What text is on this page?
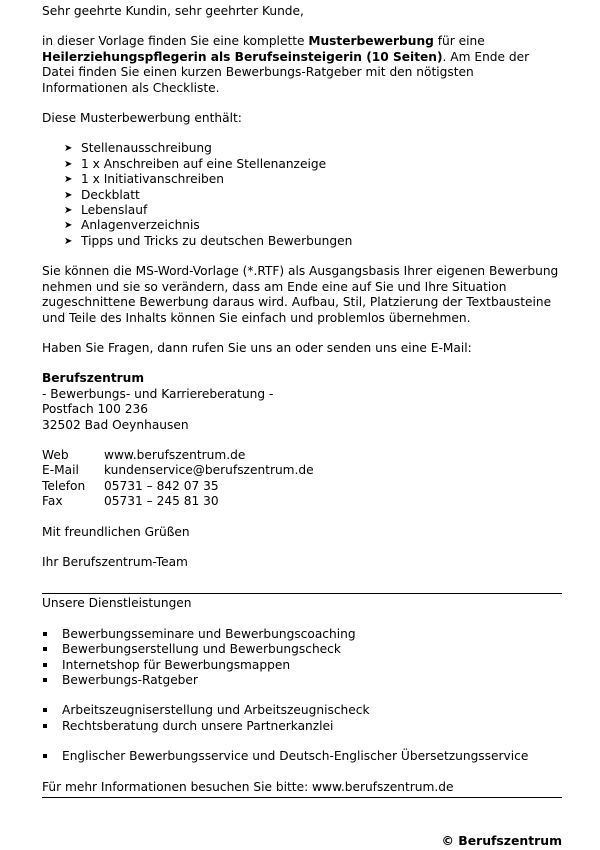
Sehr geehrte Kundin, sehr geehrter Kunde,

in dieser Vorlage finden Sie eine komplette Musterbewerbung für eine Heilerziehungspflegerin als Berufseinsteigerin (10 Seiten). Am Ende der Datei finden Sie einen kurzen Bewerbungs-Ratgeber mit den nötigsten Informationen als Checkliste.

Diese Musterbewerbung enthält:

➤ Stellenausschreibung
➤ 1 x Anschreiben auf eine Stellenanzeige
➤ 1 x Initiativanschreiben
➤ Deckblatt
➤ Lebenslauf
➤ Anlagenverzeichnis
➤ Tipps und Tricks zu deutschen Bewerbungen

Sie können die MS-Word-Vorlage (*.RTF) als Ausgangsbasis Ihrer eigenen Bewerbung nehmen und sie so verändern, dass am Ende eine auf Sie und Ihre Situation zugeschnittene Bewerbung daraus wird. Aufbau, Stil, Platzierung der Textbausteine und Teile des Inhalts können Sie einfach und problemlos übernehmen.

Haben Sie Fragen, dann rufen Sie uns an oder senden uns eine E-Mail:

Berufszentrum

- Bewerbungs- und Karriereberatung -

Postfach 100 236

32502 Bad Oeynhausen

Web	www.berufszentrum.de
E-Mail	kundenservice@berufszentrum.de
Telefon	05731 – 842 07 35
Fax	05731 – 245 81 30

Mit freundlichen Grüßen

Ihr Berufszentrum-Team

Unsere Dienstleistungen

Bewerbungsseminare und Bewerbungscoaching
Bewerbungserstellung und Bewerbungscheck
Internetshop für Bewerbungsmappen
Bewerbungs-Ratgeber
Arbeitszeugniserstellung und Arbeitszeugnischeck
Rechtsberatung durch unsere Partnerkanzlei
Englischer Bewerbungsservice und Deutsch-Englischer Übersetzungsservice

Für mehr Informationen besuchen Sie bitte: www.berufszentrum.de

© Berufszentrum
